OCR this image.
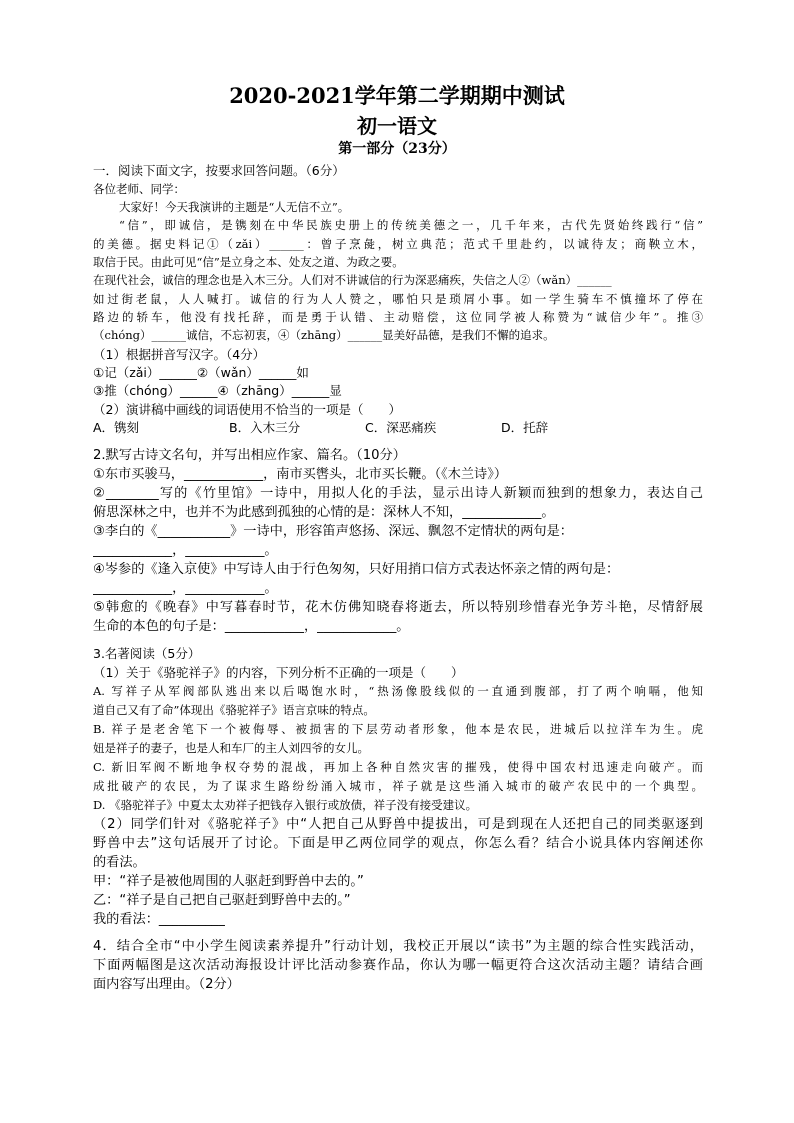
2020-2021学年第二学期期中测试
初一语文
第一部分（23分）
一．阅读下面文字，按要求回答问题。（6分）
各位老师、同学：
大家好！今天我演讲的主题是“人无信不立”。
“信”，即诚信，是镌刻在中华民族史册上的传统美德之一，几千年来，古代先贤始终践行“信”
的美德。据史料记①（zǎi）______：曾子烹彘，树立典范；范式千里赴约，以诚待友；商鞅立木，
取信于民。由此可见“信”是立身之本、处友之道、为政之要。
在现代社会，诚信的理念也是入木三分。人们对不讲诚信的行为深恶痛疾，失信之人②（wǎn）______
如过街老鼠，人人喊打。诚信的行为人人赞之，哪怕只是琐屑小事。如一学生骑车不慎撞坏了停在
路边的轿车，他没有找托辞，而是勇于认错、主动赔偿，这位同学被人称赞为“诚信少年”。推③
（chóng）______诚信，不忘初衷，④（zhāng）______显美好品德，是我们不懈的追求。
（1）根据拼音写汉字。（4分）
①记（zǎi）______②（wǎn）______如
③推（chóng）______④（zhāng）______显
（2）演讲稿中画线的词语使用不恰当的一项是（　　）
A．镌刻	B．入木三分	C．深恶痛疾	D．托辞
2.默写古诗文名句，并写出相应作家、篇名。（10分）
①东市买骏马，____________，南市买辔头，北市买长鞭。（《木兰诗》）
②________写的《竹里馆》一诗中，用拟人化的手法，显示出诗人新颖而独到的想象力，表达自己
俯思深林之中，也并不为此感到孤独的心情的是：深林人不知，____________。
③李白的《___________》一诗中，形容笛声悠扬、深远、飘忽不定情状的两句是：
____________，____________。
④岑参的《逢入京使》中写诗人由于行色匆匆，只好用捎口信方式表达怀亲之情的两句是：
____________，____________。
⑤韩愈的《晚春》中写暮春时节，花木仿佛知晓春将逝去，所以特别珍惜春光争芳斗艳，尽情舒展
生命的本色的句子是：____________，____________。
3.名著阅读（5分）
（1）关于《骆驼祥子》的内容，下列分析不正确的一项是（　　）
A. 写祥子从军阀部队逃出来以后喝饱水时，“热汤像股线似的一直通到腹部，打了两个响嗝，他知
道自己又有了命”体现出《骆驼祥子》语言京味的特点。
B. 祥子是老舍笔下一个被侮辱、被损害的下层劳动者形象，他本是农民，进城后以拉洋车为生。虎
妞是祥子的妻子，也是人和车厂的主人刘四爷的女儿。
C. 新旧军阀不断地争权夺势的混战，再加上各种自然灾害的摧残，使得中国农村迅速走向破产。而
成批破产的农民，为了谋求生路纷纷涌入城市，祥子就是这些涌入城市的破产农民中的一个典型。
D. 《骆驼祥子》中夏太太劝祥子把钱存入银行或放债，祥子没有接受建议。
（2）同学们针对《骆驼祥子》中“人把自己从野兽中提拔出，可是到现在人还把自己的同类驱逐到
野兽中去”这句话展开了讨论。下面是甲乙两位同学的观点，你怎么看？结合小说具体内容阐述你
的看法。
甲：“祥子是被他周围的人驱赶到野兽中去的。”
乙：“祥子是自己把自己驱赶到野兽中去的。”
我的看法：__________
4．结合全市“中小学生阅读素养提升”行动计划，我校正开展以“读书”为主题的综合性实践活动，
下面两幅图是这次活动海报设计评比活动参赛作品，你认为哪一幅更符合这次活动主题？请结合画
面内容写出理由。（2分）
